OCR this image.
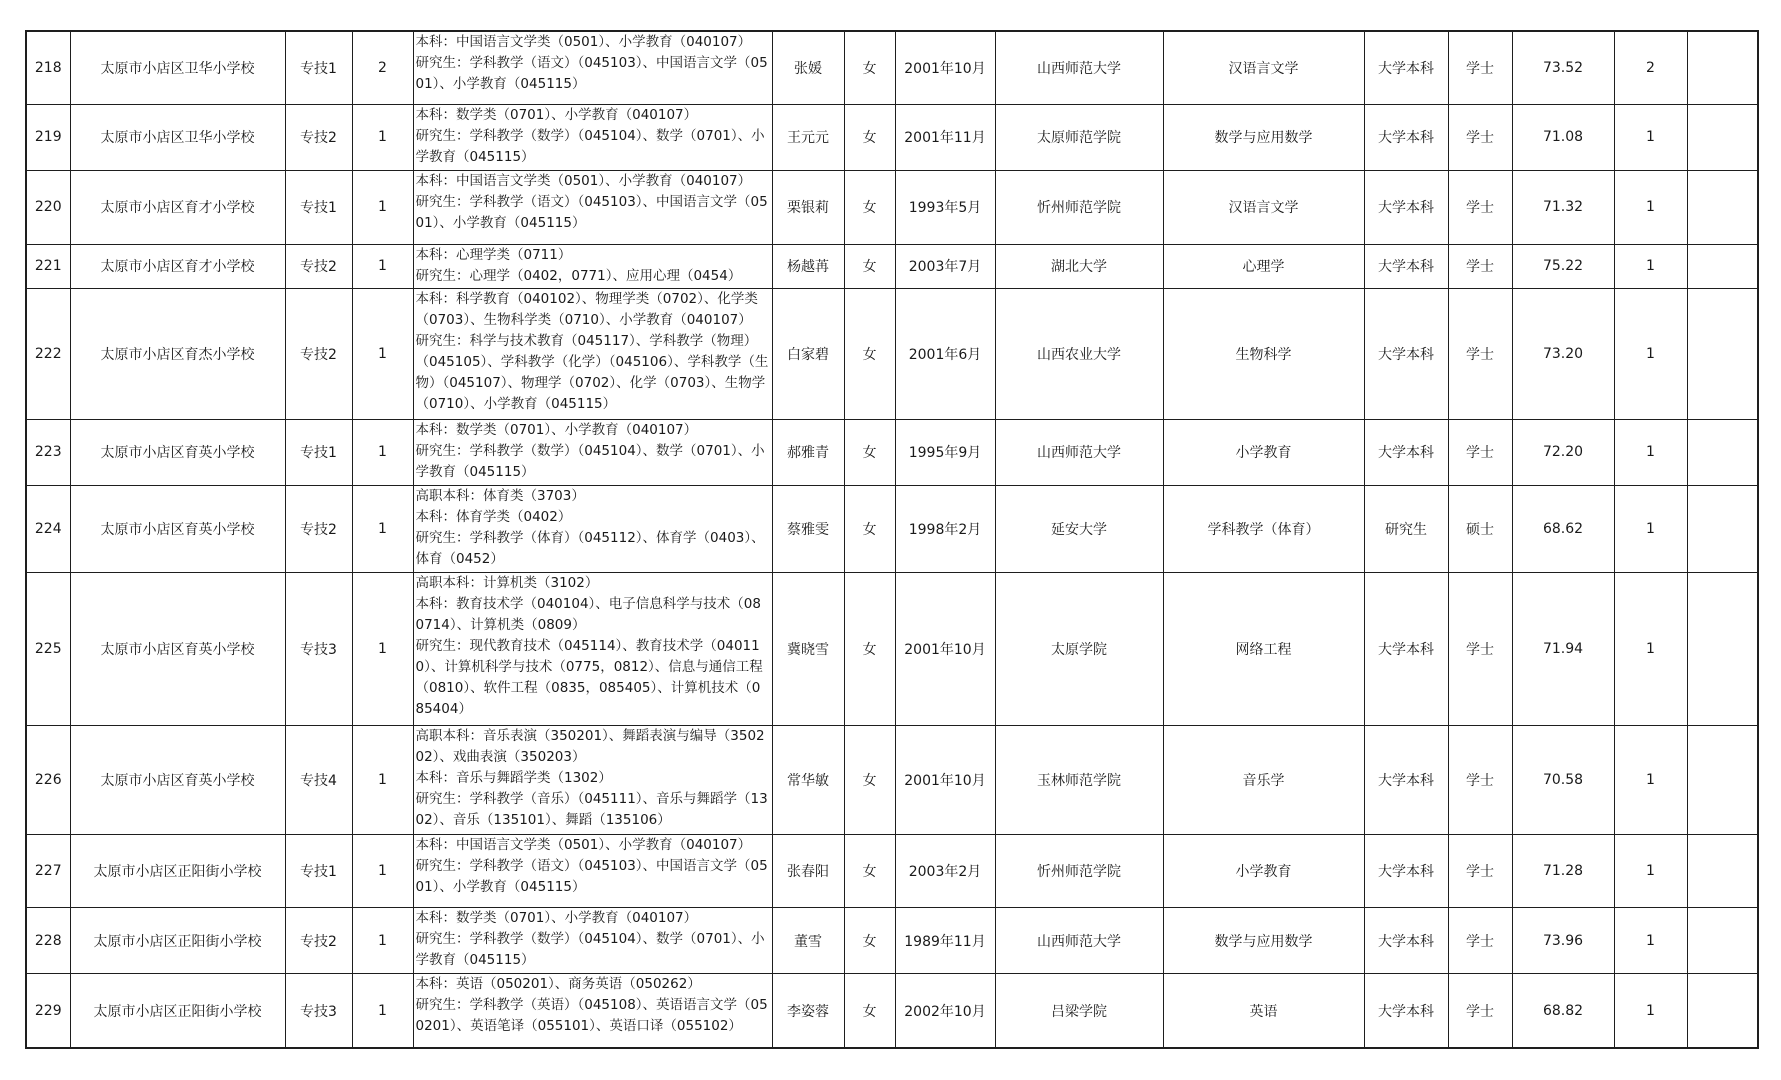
218	太原市小店区卫华小学校	专技1	2	本科：中国语言文学类（0501）、小学教育（040107）
研究生：学科教学（语文）（045103）、中国语言文学（0501）、小学教育（045115）	张媛	女	2001年10月	山西师范大学	汉语言文学	大学本科	学士	73.52	2	
219	太原市小店区卫华小学校	专技2	1	本科：数学类（0701）、小学教育（040107）
研究生：学科教学（数学）（045104）、数学（0701）、小学教育（045115）	王元元	女	2001年11月	太原师范学院	数学与应用数学	大学本科	学士	71.08	1	
220	太原市小店区育才小学校	专技1	1	本科：中国语言文学类（0501）、小学教育（040107）
研究生：学科教学（语文）（045103）、中国语言文学（0501）、小学教育（045115）	栗银莉	女	1993年5月	忻州师范学院	汉语言文学	大学本科	学士	71.32	1	
221	太原市小店区育才小学校	专技2	1	本科：心理学类（0711）
研究生：心理学（0402，0771）、应用心理（0454）	杨越苒	女	2003年7月	湖北大学	心理学	大学本科	学士	75.22	1	
222	太原市小店区育杰小学校	专技2	1	本科：科学教育（040102）、物理学类（0702）、化学类（0703）、生物科学类（0710）、小学教育（040107）
研究生：科学与技术教育（045117）、学科教学（物理）（045105）、学科教学（化学）（045106）、学科教学（生物）（045107）、物理学（0702）、化学（0703）、生物学（0710）、小学教育（045115）	白家碧	女	2001年6月	山西农业大学	生物科学	大学本科	学士	73.20	1	
223	太原市小店区育英小学校	专技1	1	本科：数学类（0701）、小学教育（040107）
研究生：学科教学（数学）（045104）、数学（0701）、小学教育（045115）	郝雅青	女	1995年9月	山西师范大学	小学教育	大学本科	学士	72.20	1	
224	太原市小店区育英小学校	专技2	1	高职本科：体育类（3703）
本科：体育学类（0402）
研究生：学科教学（体育）（045112）、体育学（0403）、体育（0452）	蔡雅雯	女	1998年2月	延安大学	学科教学（体育）	研究生	硕士	68.62	1	
225	太原市小店区育英小学校	专技3	1	高职本科：计算机类（3102）
本科：教育技术学（040104）、电子信息科学与技术（080714）、计算机类（0809）
研究生：现代教育技术（045114）、教育技术学（040110）、计算机科学与技术（0775，0812）、信息与通信工程（0810）、软件工程（0835，085405）、计算机技术（085404）	冀晓雪	女	2001年10月	太原学院	网络工程	大学本科	学士	71.94	1	
226	太原市小店区育英小学校	专技4	1	高职本科：音乐表演（350201）、舞蹈表演与编导（350202）、戏曲表演（350203）
本科：音乐与舞蹈学类（1302）
研究生：学科教学（音乐）（045111）、音乐与舞蹈学（1302）、音乐（135101）、舞蹈（135106）	常华敏	女	2001年10月	玉林师范学院	音乐学	大学本科	学士	70.58	1	
227	太原市小店区正阳街小学校	专技1	1	本科：中国语言文学类（0501）、小学教育（040107）
研究生：学科教学（语文）（045103）、中国语言文学（0501）、小学教育（045115）	张春阳	女	2003年2月	忻州师范学院	小学教育	大学本科	学士	71.28	1	
228	太原市小店区正阳街小学校	专技2	1	本科：数学类（0701）、小学教育（040107）
研究生：学科教学（数学）（045104）、数学（0701）、小学教育（045115）	董雪	女	1989年11月	山西师范大学	数学与应用数学	大学本科	学士	73.96	1	
229	太原市小店区正阳街小学校	专技3	1	本科：英语（050201）、商务英语（050262）
研究生：学科教学（英语）（045108）、英语语言文学（050201）、英语笔译（055101）、英语口译（055102）	李姿蓉	女	2002年10月	吕梁学院	英语	大学本科	学士	68.82	1	
